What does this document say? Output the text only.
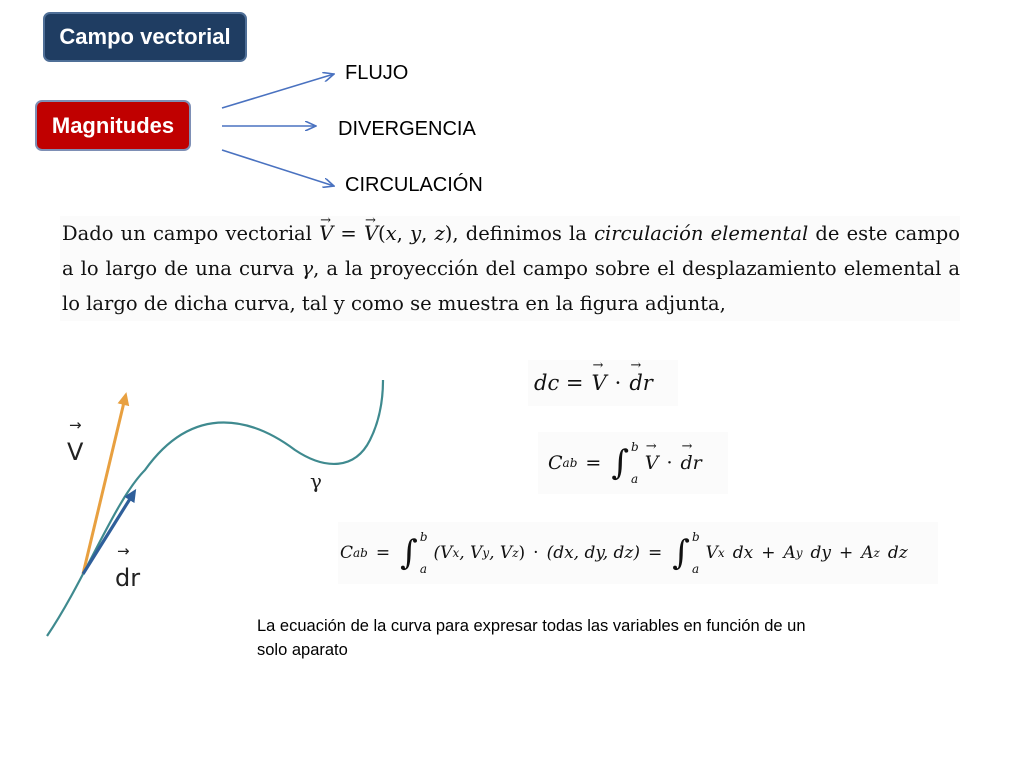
Campo vectorial
Magnitudes
FLUJO
DIVERGENCIA
CIRCULACIÓN
Dado un campo vectorial → V = → V(x, y, z), definimos la circulación elemental de este campo a lo largo de una curva γ, a la proyección del campo sobre el desplazamiento elemental a lo largo de dicha curva, tal y como se muestra en la figura adjunta,
→
V
→
dr
γ
dc = → V · → dr
C ab = ∫ b
a
→ V · → dr
C ab = ∫ b
a
(V x , V y , V z ) · (dx, dy, dz) = ∫ b
a
V x dx + A y dy + A z dz
La ecuación de la curva para expresar todas las variables en función de un solo aparato
